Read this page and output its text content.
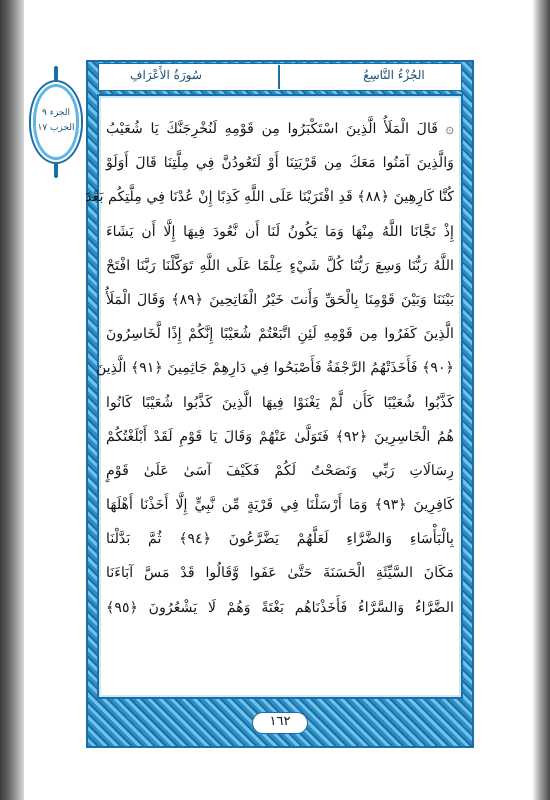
سُورَةُ الأَعْرَافِ	الجُزْءُ التَّاسِعُ
الجزء ٩
الحزب ١٧ ۞ قَالَ الْمَلَأُ الَّذِينَ اسْتَكْبَرُوا مِن قَوْمِهِ لَنُخْرِجَنَّكَ يَا شُعَيْبُ
وَالَّذِينَ آمَنُوا مَعَكَ مِن قَرْيَتِنَا أَوْ لَتَعُودُنَّ فِي مِلَّتِنَا قَالَ أَوَلَوْ
كُنَّا كَارِهِينَ ﴿٨٨﴾ قَدِ افْتَرَيْنَا عَلَى اللَّهِ كَذِبًا إِنْ عُدْنَا فِي مِلَّتِكُم بَعْدَ
إِذْ نَجَّانَا اللَّهُ مِنْهَا وَمَا يَكُونُ لَنَا أَن نَّعُودَ فِيهَا إِلَّا أَن يَشَاءَ
اللَّهُ رَبُّنَا وَسِعَ رَبُّنَا كُلَّ شَيْءٍ عِلْمًا عَلَى اللَّهِ تَوَكَّلْنَا رَبَّنَا افْتَحْ
بَيْنَنَا وَبَيْنَ قَوْمِنَا بِالْحَقِّ وَأَنتَ خَيْرُ الْفَاتِحِينَ ﴿٨٩﴾ وَقَالَ الْمَلَأُ
الَّذِينَ كَفَرُوا مِن قَوْمِهِ لَئِنِ اتَّبَعْتُمْ شُعَيْبًا إِنَّكُمْ إِذًا لَّخَاسِرُونَ
﴿٩٠﴾ فَأَخَذَتْهُمُ الرَّجْفَةُ فَأَصْبَحُوا فِي دَارِهِمْ جَاثِمِينَ ﴿٩١﴾ الَّذِينَ
كَذَّبُوا شُعَيْبًا كَأَن لَّمْ يَغْنَوْا فِيهَا الَّذِينَ كَذَّبُوا شُعَيْبًا كَانُوا
هُمُ الْخَاسِرِينَ ﴿٩٢﴾ فَتَوَلَّىٰ عَنْهُمْ وَقَالَ يَا قَوْمِ لَقَدْ أَبْلَغْتُكُمْ
رِسَالَاتِ رَبِّي وَنَصَحْتُ لَكُمْ فَكَيْفَ آسَىٰ عَلَىٰ قَوْمٍ
كَافِرِينَ ﴿٩٣﴾ وَمَا أَرْسَلْنَا فِي قَرْيَةٍ مِّن نَّبِيٍّ إِلَّا أَخَذْنَا أَهْلَهَا
بِالْبَأْسَاءِ وَالضَّرَّاءِ لَعَلَّهُمْ يَضَّرَّعُونَ ﴿٩٤﴾ ثُمَّ بَدَّلْنَا
مَكَانَ السَّيِّئَةِ الْحَسَنَةَ حَتَّىٰ عَفَوا وَّقَالُوا قَدْ مَسَّ آبَاءَنَا
الضَّرَّاءُ وَالسَّرَّاءُ فَأَخَذْنَاهُم بَغْتَةً وَهُمْ لَا يَشْعُرُونَ ﴿٩٥﴾
١٦٢
